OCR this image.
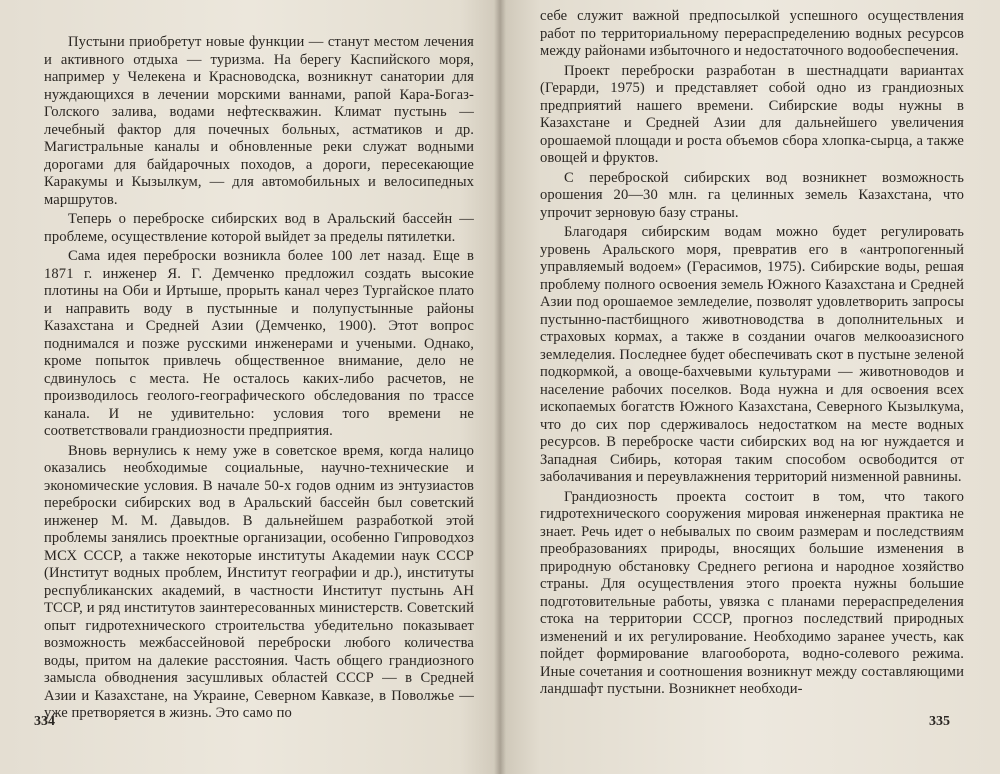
Пустыни приобретут новые функции — станут местом лечения и активного отдыха — туризма. На берегу Каспийского моря, например у Челекена и Красноводска, возникнут санатории для нуждающихся в лечении морскими ваннами, рапой Кара-Богаз-Голского залива, водами нефтескважин. Климат пустынь — лечебный фактор для почечных больных, астматиков и др. Магистральные каналы и обновленные реки служат водными дорогами для байдарочных походов, а дороги, пересекающие Каракумы и Кызылкум, — для автомобильных и велосипедных маршрутов.

Теперь о переброске сибирских вод в Аральский бассейн — проблеме, осуществление которой выйдет за пределы пятилетки.

Сама идея переброски возникла более 100 лет назад. Еще в 1871 г. инженер Я. Г. Демченко предложил создать высокие плотины на Оби и Иртыше, прорыть канал через Тургайское плато и направить воду в пустынные и полупустынные районы Казахстана и Средней Азии (Демченко, 1900). Этот вопрос поднимался и позже русскими инженерами и учеными. Однако, кроме попыток привлечь общественное внимание, дело не сдвинулось с места. Не осталось каких-либо расчетов, не производилось геолого-географического обследования по трассе канала. И не удивительно: условия того времени не соответствовали грандиозности предприятия.

Вновь вернулись к нему уже в советское время, когда налицо оказались необходимые социальные, научно-технические и экономические условия. В начале 50-х годов одним из энтузиастов переброски сибирских вод в Аральский бассейн был советский инженер М. М. Давыдов. В дальнейшем разработкой этой проблемы занялись проектные организации, особенно Гипроводхоз МСХ СССР, а также некоторые институты Академии наук СССР (Институт водных проблем, Институт географии и др.), институты республиканских академий, в частности Институт пустынь АН ТССР, и ряд институтов заинтересованных министерств. Советский опыт гидротехнического строительства убедительно показывает возможность межбассейновой переброски любого количества воды, притом на далекие расстояния. Часть общего грандиозного замысла обводнения засушливых областей СССР — в Средней Азии и Казахстане, на Украине, Северном Кавказе, в Поволжье — уже претворяется в жизнь. Это само по

334

себе служит важной предпосылкой успешного осуществления работ по территориальному перераспределению водных ресурсов между районами избыточного и недостаточного водообеспечения.

Проект переброски разработан в шестнадцати вариантах (Герарди, 1975) и представляет собой одно из грандиозных предприятий нашего времени. Сибирские воды нужны в Казахстане и Средней Азии для дальнейшего увеличения орошаемой площади и роста объемов сбора хлопка-сырца, а также овощей и фруктов.

С переброской сибирских вод возникнет возможность орошения 20—30 млн. га целинных земель Казахстана, что упрочит зерновую базу страны.

Благодаря сибирским водам можно будет регулировать уровень Аральского моря, превратив его в «антропогенный управляемый водоем» (Герасимов, 1975). Сибирские воды, решая проблему полного освоения земель Южного Казахстана и Средней Азии под орошаемое земледелие, позволят удовлетворить запросы пустынно-пастбищного животноводства в дополнительных и страховых кормах, а также в создании очагов мелкооазисного земледелия. Последнее будет обеспечивать скот в пустыне зеленой подкормкой, а овоще-бахчевыми культурами — животноводов и население рабочих поселков. Вода нужна и для освоения всех ископаемых богатств Южного Казахстана, Северного Кызылкума, что до сих пор сдерживалось недостатком на месте водных ресурсов. В переброске части сибирских вод на юг нуждается и Западная Сибирь, которая таким способом освободится от заболачивания и переувлажнения территорий низменной равнины.

Грандиозность проекта состоит в том, что такого гидротехнического сооружения мировая инженерная практика не знает. Речь идет о небывалых по своим размерам и последствиям преобразованиях природы, вносящих большие изменения в природную обстановку Среднего региона и народное хозяйство страны. Для осуществления этого проекта нужны большие подготовительные работы, увязка с планами перераспределения стока на территории СССР, прогноз последствий природных изменений и их регулирование. Необходимо заранее учесть, как пойдет формирование влагооборота, водно-солевого режима. Иные сочетания и соотношения возникнут между составляющими ландшафт пустыни. Возникнет необходи-

335
